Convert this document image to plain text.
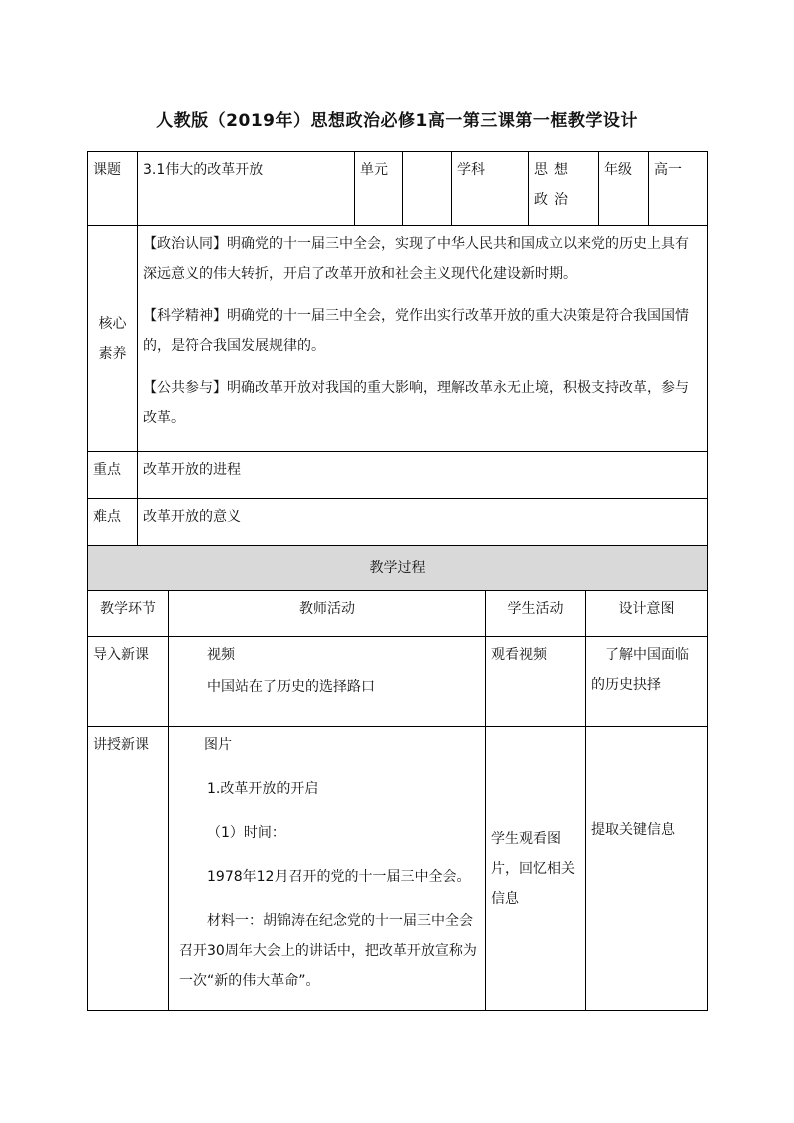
人教版（2019年）思想政治必修1高一第三课第一框教学设计
课题	3.1伟大的改革开放	单元		学科	思想政治	年级	高一
核心素养	【政治认同】明确党的十一届三中全会，实现了中华人民共和国成立以来党的历史上具有深远意义的伟大转折，开启了改革开放和社会主义现代化建设新时期。

【科学精神】明确党的十一届三中全会，党作出实行改革开放的重大决策是符合我国国情的，是符合我国发展规律的。

【公共参与】明确改革开放对我国的重大影响，理解改革永无止境，积极支持改革，参与改革。						

重点	改革开放的进程						
难点	改革开放的意义						
教学过程			
教学环节	教师活动	学生活动	设计意图
导入新课	视频

中国站在了历史的选择路口	观看视频	了解中国面临的历史抉择
讲授新课	图片

1.改革开放的开启

（1）时间：

1978年12月召开的党的十一届三中全会。

材料一：胡锦涛在纪念党的十一届三中全会召开30周年大会上的讲话中，把改革开放宣称为一次“新的伟大革命”。	学生观看图片，回忆相关信息	提取关键信息
